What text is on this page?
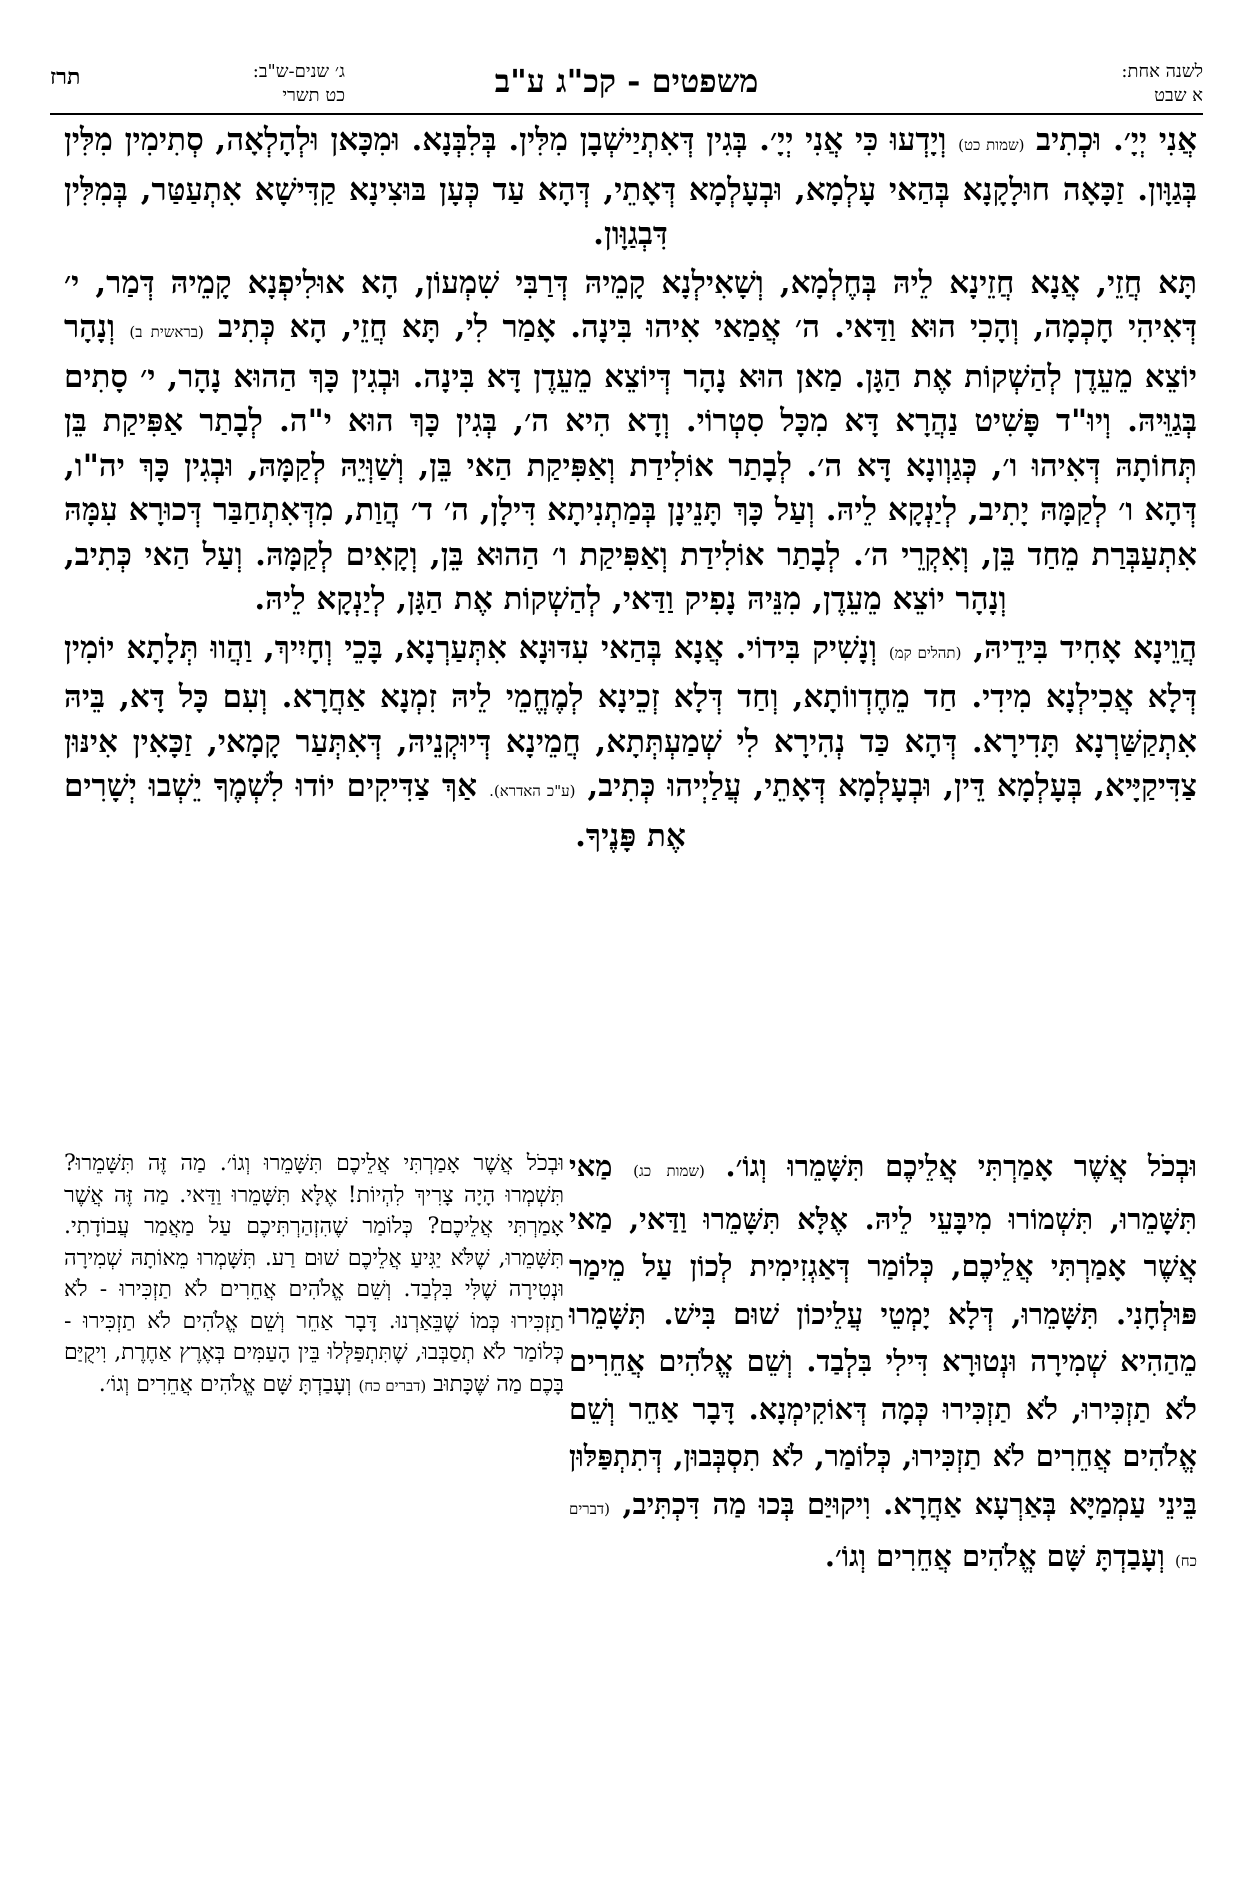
לשנה אחת:
א שבט
משפטים - קכ"ג ע"ב
ג׳ שנים-ש"ב:
כט תשרי
תרז

אֲנִי יְיָ׳. וּכְתִיב (שמות כט) וְיָדְעוּ כִּי אֲנִי יְיָ׳. בְּגִין דְּאִתְיַישְׁבָן מִלִּין. בְּלִבְּנָא. וּמִכָּאן וּלְהָלְאָה, סְתִימִין מִלִּין בְּגַוָּון. זַכָּאָה חוּלָקָנָא בְּהַאי עָלְמָא, וּבְעָלְמָא דְּאָתֵי, דְּהָא עַד כְּעָן בּוּצִינָא קַדִּישָׁא אִתְעַטַּר, בְּמִלִּין דִּבְגַוָּון.

תָּא חֲזֵי, אֲנָא חֲזֵינָא לֵיהּ בְּחֶלְמָא, וְשָׁאִילְנָא קָמֵיהּ דְּרַבִּי שִׁמְעוֹן, הָא אוּלִיפְנָא קָמֵיהּ דְּמַר, י׳ דְּאִיהִי חָכְמָה, וְהָכִי הוּא וַדַּאי. ה׳ אֲמַאי אִיהוּ בִּינָה. אָמַר לִי, תָּא חֲזֵי, הָא כְּתִיב (בראשית ב) וְנָהָר יוֹצֵא מֵעֵדֶן לְהַשְׁקוֹת אֶת הַגָּן. מַאן הוּא נָהָר דְּיוֹצֵא מֵעֵדֶן דָּא בִּינָה. וּבְגִין כָּךְ הַהוּא נָהָר, י׳ סָתִים בְּגַוֵּיהּ. וְיוּ"ד פָּשִׁיט נַהֲרָא דָּא מִכָּל סִטְרוֹי. וְדָא הִיא ה׳, בְּגִין כָּךְ הוּא י"ה. לְבָתַר אַפִּיקַת בֵּן תְּחוֹתָהּ דְּאִיהוּ ו׳, כְּגַוְונָא דָּא ה׳. לְבָתַר אוֹלִידַת וְאַפִּיקַת הַאי בֵּן, וְשַׁוְּיֵהּ לְקַמָּהּ, וּבְגִין כָּךְ יה"ו, דְּהָא ו׳ לְקַמָּהּ יָתִיב, לְיַנְקָא לֵיהּ. וְעַל כָּךְ תָּנֵינָן בְּמַתְנִיתָא דִּילָן, ה׳ ד׳ הֲוַת, מִדְּאִתְחַבַּר דְּכוּרָא עִמָּהּ אִתְעַבְּרַת מֵחַד בֵּן, וְאִקְרֵי ה׳. לְבָתַר אוֹלִידַת וְאַפִּיקַת ו׳ הַהוּא בֵּן, וְקָאִים לְקַמָּהּ. וְעַל הַאי כְּתִיב, וְנָהָר יוֹצֵא מֵעֵדֶן, מִנֵּיהּ נָפִיק וַדַּאי, לְהַשְׁקוֹת אֶת הַגָּן, לְיַנְקָא לֵיהּ.

הֲוֵינָא אָחִיד בִּידֵיהּ, (תהלים קמ) וְנָשִׁיק בִּידוֹי. אֲנָא בְּהַאי עִדּוּנָא אִתְּעַרְנָא, בָּכֵי וְחָיִיךְ, וַהֲווּ תְּלָתָא יוֹמִין דְּלָא אֲכִילְנָא מִידִי. חַד מֵחֶדְווֹתָא, וְחַד דְּלָא זְכֵינָא לְמֶחֱמֵי לֵיהּ זִמְנָא אַחֲרָא. וְעִם כָּל דָּא, בֵּיהּ אִתְקַשַּׁרְנָא תָּדִירָא. דְּהָא כַּד נְהִירָא לִי שְׁמַעְתְּתָא, חֲמֵינָא דְּיוּקְנֵיהּ, דְּאִתְּעַר קָמָאי, זַכָּאִין אִינּוּן צַדִּיקַיָּיא, בְּעָלְמָא דֵּין, וּבְעָלְמָא דְּאָתֵי, עֲלַיְיהוּ כְּתִיב, (ע"כ האדרא). אַךְ צַדִּיקִים יוֹדוּ לִשְׁמֶךָ יֵשְׁבוּ יְשָׁרִים אֶת פָּנֶיךָ.

וּבְכֹל אֲשֶׁר אָמַרְתִּי אֲלֵיכֶם תִּשָּׁמֵרוּ וְגוֹ׳. (שמות כג) מַאי תִּשָּׁמֵרוּ, תִּשְׁמוֹרוּ מִיבָּעֵי לֵיהּ. אֶלָּא תִּשָּׁמֵרוּ וַדַּאי, מַאי אֲשֶׁר אָמַרְתִּי אֲלֵיכֶם, כְּלוֹמַר דְּאַגְזִימִית לְכוֹן עַל מֵימַר פּוּלְחָנִי. תִּשָּׁמֵרוּ, דְּלָא יָמְטֵי עֲלֵיכוֹן שׁוּם בִּישׁ. תִּשָּׁמֵרוּ מֵהַהִיא שְׁמִירָה וּנְטוּרָא דִּילִי בִּלְבַד. וְשֵׁם אֱלֹהִים אֲחֵרִים לֹא תַזְכִּירוּ, לֹא תַזְכִּירוּ כְּמָה דְּאוֹקִימְנָא. דָּבָר אַחֵר וְשֵׁם אֱלֹהִים אֲחֵרִים לֹא תַזְכִּירוּ, כְּלוֹמַר, לֹא תִסְבְּבוּן, דְּתִתְפַּלּוּן בֵּינֵי עַמְמַיָּא בְּאַרְעָא אַחֲרָא. וִיקוּיַּם בְּכוּ מַה דִּכְתִּיב, (דברים כח) וְעָבַדְתָּ שָּׁם אֱלֹהִים אֲחֵרִים וְגוֹ׳.

וּבְכֹל אֲשֶׁר אָמַרְתִּי אֲלֵיכֶם תִּשָּׁמֵרוּ וְגוֹ׳. מַה זֶּה תִּשָּׁמֵרוּ? תִּשְׁמְרוּ הָיָה צָרִיךְ לִהְיוֹת! אֶלָּא תִּשָּׁמֵרוּ וַדַּאי. מַה זֶּה אֲשֶׁר אָמַרְתִּי אֲלֵיכֶם? כְּלוֹמַר שֶׁהִזְהַרְתִּיכֶם עַל מַאֲמַר עֲבוֹדָתִי. תִּשָּׁמֵרוּ, שֶׁלֹּא יַגִּיעַ אֲלֵיכֶם שׁוּם רַע. תִּשָּׁמְרוּ מֵאוֹתָהּ שְׁמִירָה וּנְטִירָה שֶׁלִּי בִּלְבַד. וְשֵׁם אֱלֹהִים אֲחֵרִים לֹא תַזְכִּירוּ - לֹא תַזְכִּירוּ כְּמוֹ שֶׁבֵּאַרְנוּ. דָּבָר אַחֵר וְשֵׁם אֱלֹהִים לֹא תַזְכִּירוּ - כְּלוֹמַר לֹא תְסַבְּבוּ, שֶׁתִּתְפַּלְּלוּ בֵּין הָעַמִּים בְּאֶרֶץ אַחֶרֶת, וִיקֻיַּם בָּכֶם מַה שֶּׁכָּתוּב (דברים כח) וְעָבַדְתָּ שָּׁם אֱלֹהִים אֲחֵרִים וְגוֹ׳.
